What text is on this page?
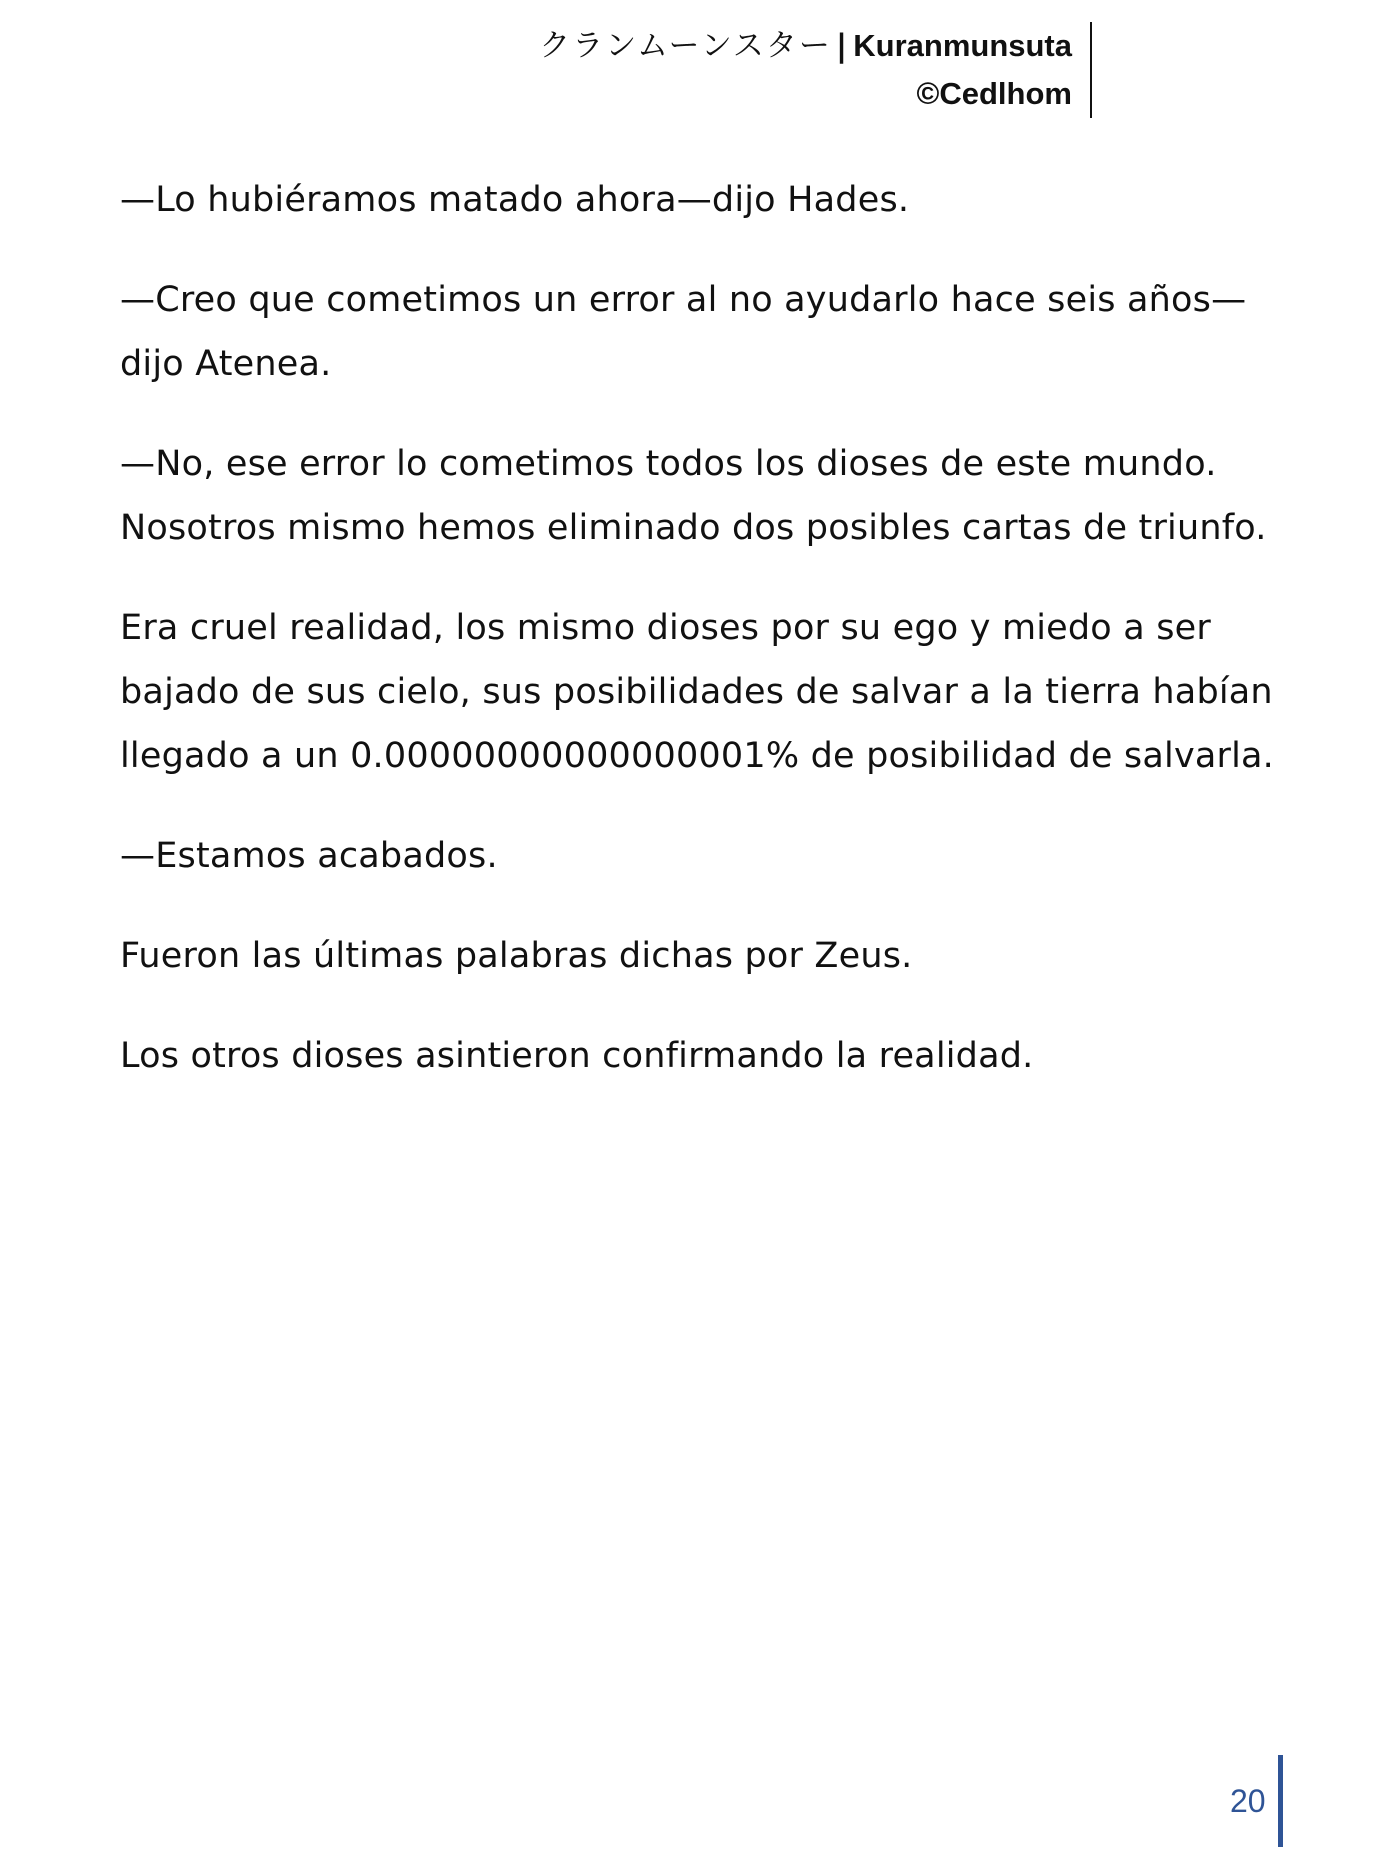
クランムーンスター | Kuranmunsuta
©Cedlhom

—Lo hubiéramos matado ahora—dijo Hades.

—Creo que cometimos un error al no ayudarlo hace seis años—dijo Atenea.

—No, ese error lo cometimos todos los dioses de este mundo. Nosotros mismo hemos eliminado dos posibles cartas de triunfo.

Era cruel realidad, los mismo dioses por su ego y miedo a ser bajado de sus cielo, sus posibilidades de salvar a la tierra habían llegado a un 0.00000000000000001% de posibilidad de salvarla.

—Estamos acabados.

Fueron las últimas palabras dichas por Zeus.

Los otros dioses asintieron confirmando la realidad.

20
